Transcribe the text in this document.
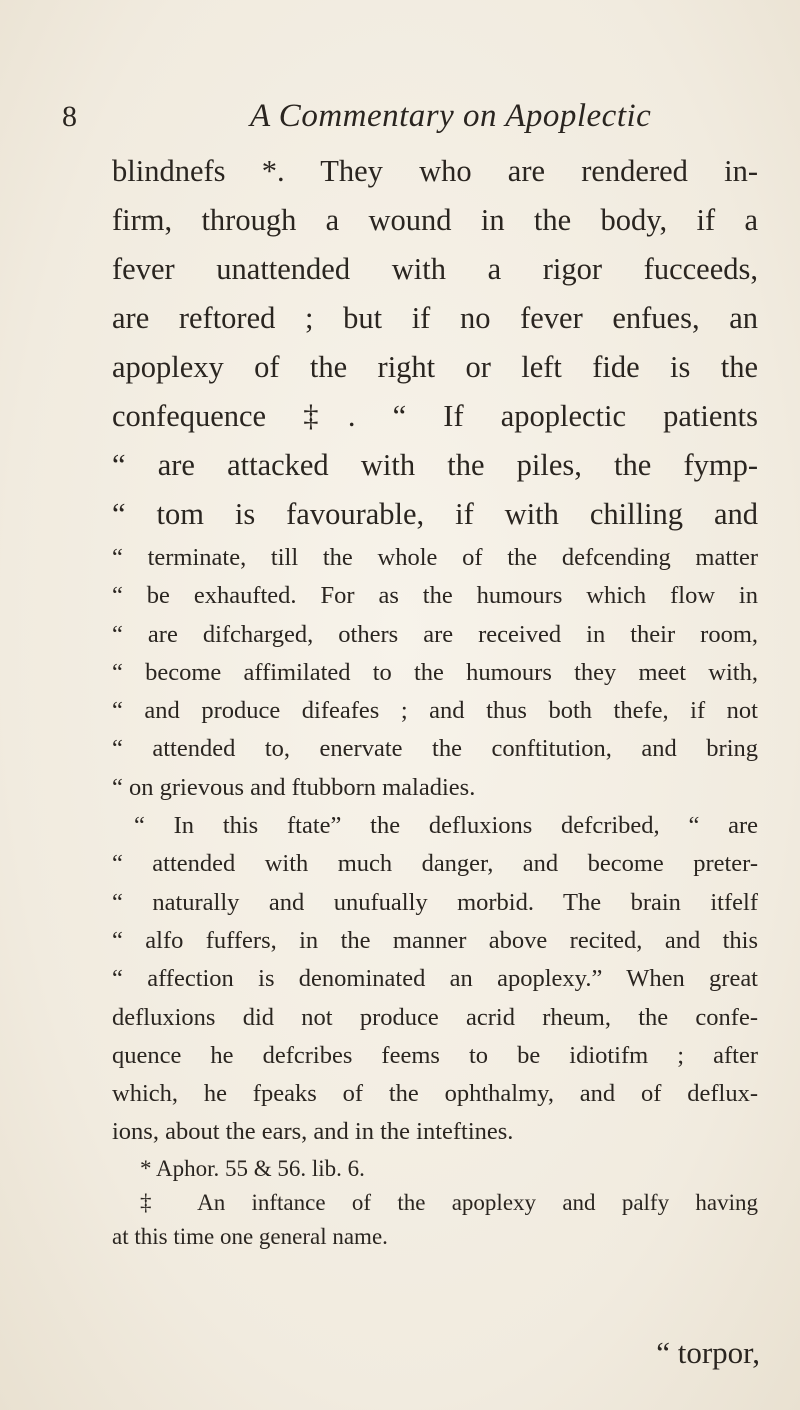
8	A Commentary on Apoplectic
blindnefs *. They who are rendered in-
firm, through a wound in the body, if a
fever unattended with a rigor fucceeds,
are reftored ; but if no fever enfues, an
apoplexy of the right or left fide is the
confequence ‡. “ If apoplectic patients
“ are attacked with the piles, the fymp-
“ tom is favourable, if with chilling and
“ terminate, till the whole of the defcending matter
“ be exhaufted. For as the humours which flow in
“ are difcharged, others are received in their room,
“ become affimilated to the humours they meet with,
“ and produce difeafes ; and thus both thefe, if not
“ attended to, enervate the conftitution, and bring
“ on grievous and ftubborn maladies.
“ In this ftate” the defluxions defcribed, “ are
“ attended with much danger, and become preter-
“ naturally and unufually morbid. The brain itfelf
“ alfo fuffers, in the manner above recited, and this
“ affection is denominated an apoplexy.” When great
defluxions did not produce acrid rheum, the confe-
quence he defcribes feems to be idiotifm ; after
which, he fpeaks of the ophthalmy, and of deflux-
ions, about the ears, and in the inteftines.
* Aphor. 55 & 56. lib. 6.
‡ An inftance of the apoplexy and palfy having
at this time one general name.
“ torpor,
